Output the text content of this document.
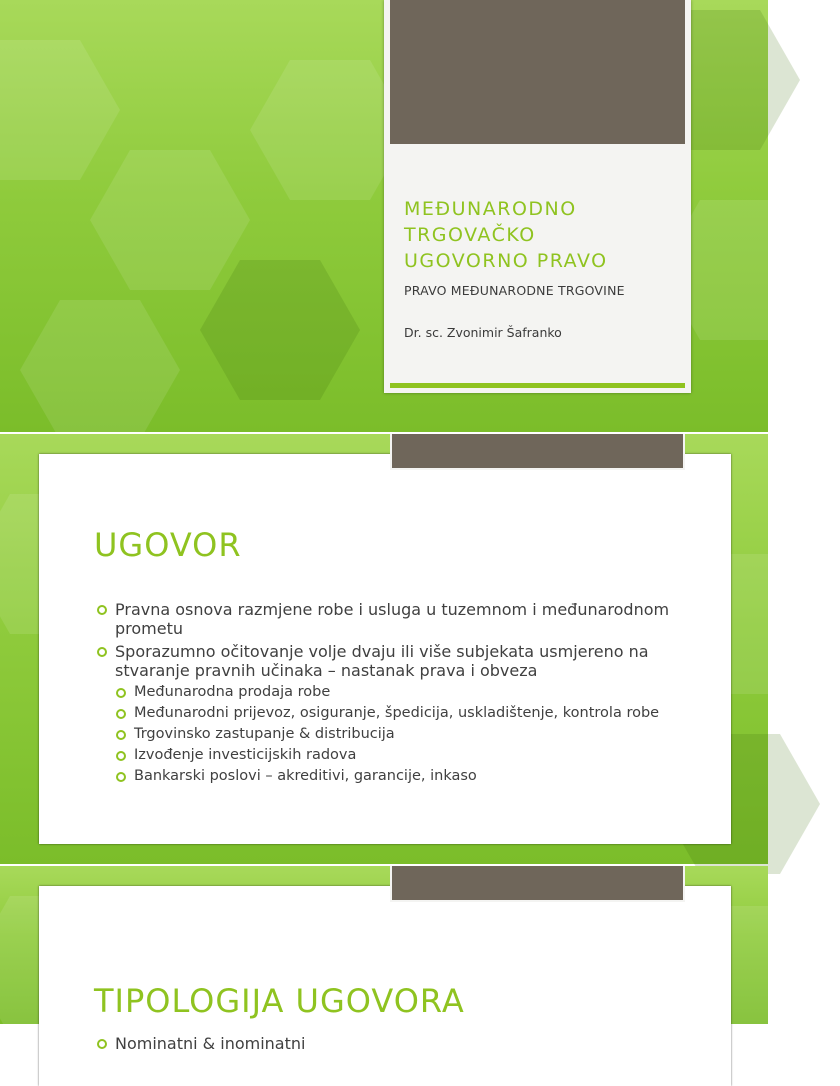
MEĐUNARODNO
TRGOVAČKO
UGOVORNO PRAVO

PRAVO MEĐUNARODNE TRGOVINE

Dr. sc. Zvonimir Šafranko

UGOVOR
Pravna osnova razmjene robe i usluga u tuzemnom i međunarodnom prometu
Sporazumno očitovanje volje dvaju ili više subjekata usmjereno na stvaranje pravnih učinaka – nastanak prava i obveza
Međunarodna prodaja robe
Međunarodni prijevoz, osiguranje, špedicija, uskladištenje, kontrola robe
Trgovinsko zastupanje & distribucija
Izvođenje investicijskih radova
Bankarski poslovi – akreditivi, garancije, inkaso
TIPOLOGIJA UGOVORA
Nominatni & inominatni
